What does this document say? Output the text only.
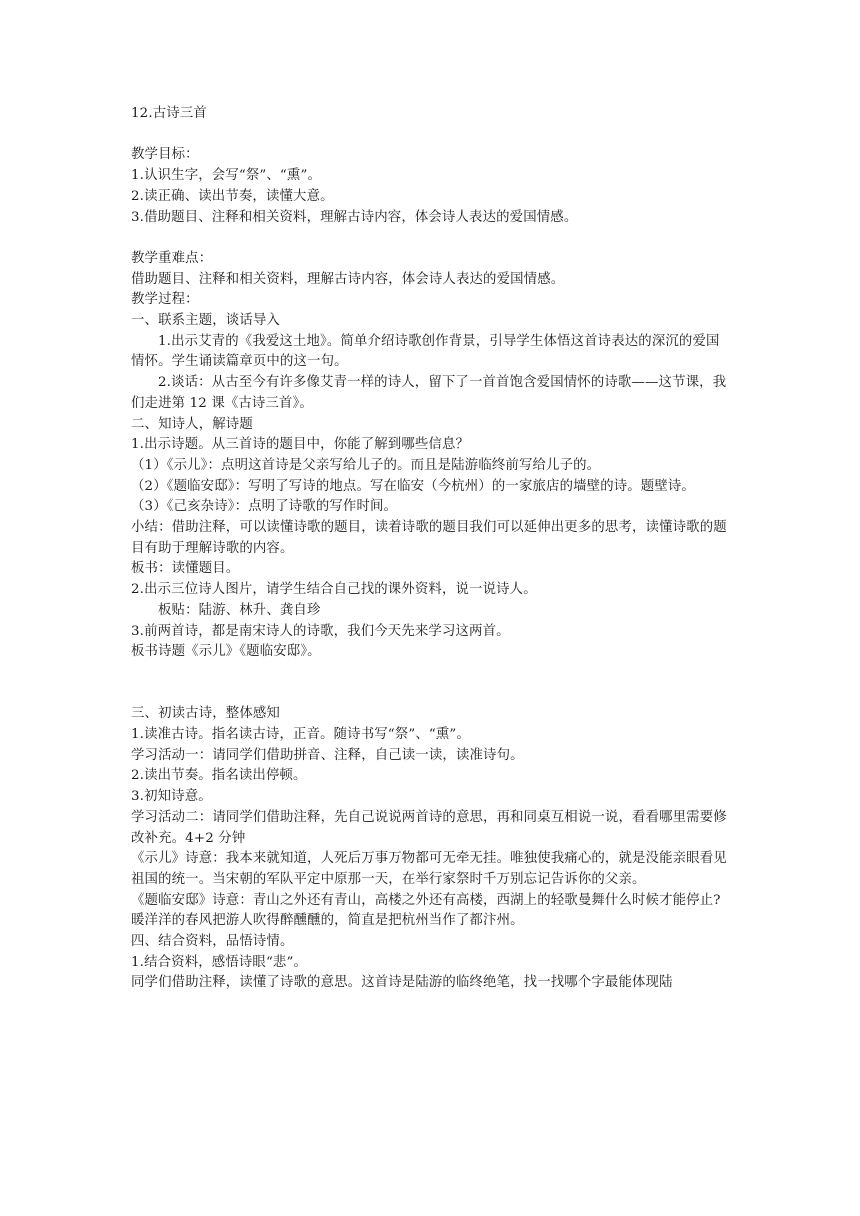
12.古诗三首
教学目标：
1.认识生字，会写“祭”、“熏”。
2.读正确、读出节奏，读懂大意。
3.借助题目、注释和相关资料，理解古诗内容，体会诗人表达的爱国情感。
教学重难点：
借助题目、注释和相关资料，理解古诗内容，体会诗人表达的爱国情感。
教学过程：
一、联系主题，谈话导入
1.出示艾青的《我爱这土地》。简单介绍诗歌创作背景，引导学生体悟这首诗表达的深沉的爱国情怀。学生诵读篇章页中的这一句。
2.谈话：从古至今有许多像艾青一样的诗人，留下了一首首饱含爱国情怀的诗歌——这节课，我们走进第 12 课《古诗三首》。
二、知诗人，解诗题
1.出示诗题。从三首诗的题目中，你能了解到哪些信息？
（1）《示儿》：点明这首诗是父亲写给儿子的。而且是陆游临终前写给儿子的。
（2）《题临安邸》：写明了写诗的地点。写在临安（今杭州）的一家旅店的墙壁的诗。题壁诗。
（3）《己亥杂诗》：点明了诗歌的写作时间。
小结：借助注释，可以读懂诗歌的题目，读着诗歌的题目我们可以延伸出更多的思考，读懂诗歌的题目有助于理解诗歌的内容。
板书：读懂题目。
2.出示三位诗人图片，请学生结合自己找的课外资料，说一说诗人。
板贴：陆游、林升、龚自珍
3.前两首诗，都是南宋诗人的诗歌，我们今天先来学习这两首。
板书诗题《示儿》《题临安邸》。
三、初读古诗，整体感知
1.读准古诗。指名读古诗，正音。随诗书写“祭”、“熏”。
学习活动一：请同学们借助拼音、注释，自己读一读，读准诗句。
2.读出节奏。指名读出停顿。
3.初知诗意。
学习活动二：请同学们借助注释，先自己说说两首诗的意思，再和同桌互相说一说，看看哪里需要修改补充。4+2 分钟
《示儿》诗意：我本来就知道，人死后万事万物都可无牵无挂。唯独使我痛心的，就是没能亲眼看见祖国的统一。当宋朝的军队平定中原那一天，在举行家祭时千万别忘记告诉你的父亲。
《题临安邸》诗意：青山之外还有青山，高楼之外还有高楼，西湖上的轻歌曼舞什么时候才能停止?暖洋洋的春风把游人吹得醉醺醺的，简直是把杭州当作了都汴州。
四、结合资料，品悟诗情。
1.结合资料，感悟诗眼“悲”。
同学们借助注释，读懂了诗歌的意思。这首诗是陆游的临终绝笔，找一找哪个字最能体现陆
